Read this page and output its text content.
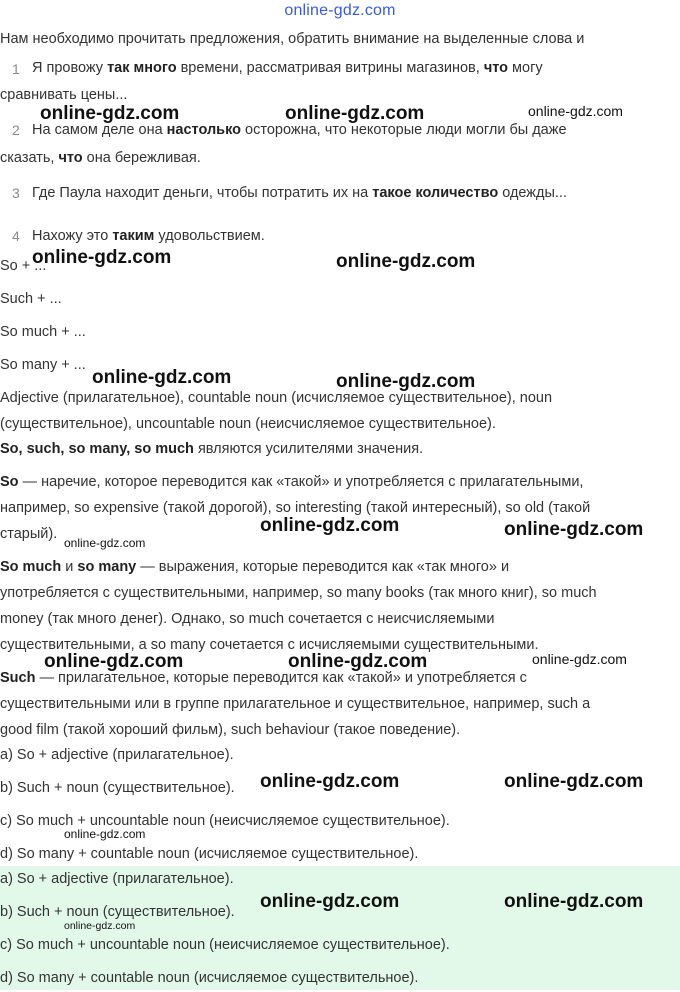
online-gdz.com
Нам необходимо прочитать предложения, обратить внимание на выделенные слова и
1 Я провожу так много времени, рассматривая витрины магазинов, что могу
сравнивать цены...
2 На самом деле она настолько осторожна, что некоторые люди могли бы даже
сказать, что она бережливая.
3 Где Паула находит деньги, чтобы потратить их на такое количество одежды...
4 Нахожу это таким удовольствием.
So + ...
Such + ...
So much + ...
So many + ...
Adjective (прилагательное), countable noun (исчисляемое существительное), noun
(существительное), uncountable noun (неисчисляемое существительное).
So, such, so many, so much являются усилителями значения.
So — наречие, которое переводится как «такой» и употребляется с прилагательными,
например, so expensive (такой дорогой), so interesting (такой интересный), so old (такой
старый).
So much и so many — выражения, которые переводится как «так много» и
употребляется с существительными, например, so many books (так много книг), so much
money (так много денег). Однако, so much сочетается с неисчисляемыми
существительными, а so many сочетается с исчисляемыми существительными.
Such — прилагательное, которые переводится как «такой» и употребляется с
существительными или в группе прилагательное и существительное, например, such a
good film (такой хороший фильм), such behaviour (такое поведение).
a) So + adjective (прилагательное).
b) Such + noun (существительное).
c) So much + uncountable noun (неисчисляемое существительное).
d) So many + countable noun (исчисляемое существительное).
a) So + adjective (прилагательное).
b) Such + noun (существительное).
c) So much + uncountable noun (неисчисляемое существительное).
d) So many + countable noun (исчисляемое существительное).
online-gdz.com	online-gdz.com	online-gdz.com
online-gdz.com	online-gdz.com
online-gdz.com	online-gdz.com
online-gdz.com	online-gdz.com
online-gdz.com
online-gdz.com	online-gdz.com	online-gdz.com
online-gdz.com	online-gdz.com
online-gdz.com
online-gdz.com	online-gdz.com
online-gdz.com
